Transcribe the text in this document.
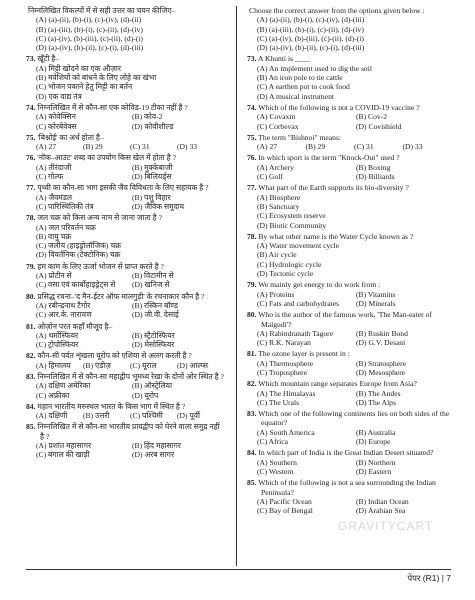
निम्नलिखित विकल्पों में से सही उत्तर का चयन कीजिए–
(A) (a)-(ii), (b)-(i), (c)-(iv), (d)-(ii)
(B) (a)-(iii), (b)-(i), (c)-(ii), (d)-(iv)
(C) (a)-(iv), (b)-(iii), (c)-(ii), (d)-(i)
(D) (a)-(iv), (b)-(ii), (c)-(i), (d)-(iii)
73. खूँटी है–
(A) मिट्टी खोदने का एक औज़ार
(B) मवेशियों को बांधने के लिए लोहे का खंभा
(C) भोजन पकाने हेतु मिट्टी का बर्तन
(D) एक वाद्य तंत्र
74. निम्नलिखित में से कौन-सा एक कोविड-19 टीका नहीं है ?
(A) कोवेक्सिन	(B) कोव-2
(C) कोरबेवेक्स	(D) कोवीशील्ड
75. 'बिश्नोई' का अर्थ होता है–
(A) 27	(B) 29	(C) 31	(D) 33
76. 'नॉक–आउट' शब्द का उपयोग किस खेल में होता है ?
(A) तीरंदाजी	(B) मुक्केबाजी
(C) गोल्फ	(D) बिलियर्ड्स
77. पृथ्वी का कौन-सा भाग इसकी जैव विविधता के लिए सहायक है ?
(A) जैवमंडल	(B) पशु विहार
(C) पारिस्थितिकी तंत्र	(D) जैविक समुदाय
78. जल चक्र को किस अन्य नाम से जाना जाता है ?
(A) जल परिवर्तन चक्र
(B) वायु चक्र
(C) जलीय (हाइड्रोलॉजिक) चक्र
(D) विवर्तनिक (टेक्टोनिक) चक्र
79. हम काम के लिए ऊर्जा भोजन से प्राप्त करते है ?
(A) प्रोटीन से	(B) विटामीन से
(C) वसा एवं कार्बोहाइड्रेट्स से	(D) खनिज से
80. प्रसिद्ध रचना–'द मैन-ईटर ऑफ मालगुड़ी' के रचनाकार कौन है ?
(A) रबीन्द्रनाथ टैगोर	(B) रस्किन बॉण्ड
(C) आर.के. नारायण	(D) जी.वी. देसाई
81. ओज़ोन परत कहाँ मौजूद है–
(A) थर्मोस्फियर	(B) स्ट्रैटोस्फियर
(C) ट्रोपोस्फियर	(D) मेसोस्फियर
82. कौन-सी पर्वत शृंखला यूरोप को एशिया से अलग करती है ?
(A) हिमालय	(B) एंडीज़	(C) यूराल	(D) आल्प्स
83. निम्नलिखित में से कौन-सा महाद्वीप भूमध्य रेखा के दोनों ओर स्थित है ?
(A) दक्षिण अमेरिका	(B) ऑस्ट्रेलिया
(C) अफ्रीका	(D) यूरोप
84. महान भारतीय मरुस्थल भारत के किस भाग में स्थित है ?
(A) दक्षिणी	(B) उत्तरी	(C) पश्चिमी	(D) पूर्वी
85. निम्नलिखित में से कौन-सा भारतीय प्रायद्वीप को घेरने वाला समुद्र नहीं है ?
(A) प्रशांत महासागर	(B) हिंद महासागर
(C) बंगाल की खाड़ी	(D) अरब सागर
Choose the correct answer from the options given below :
(A) (a)-(ii), (b)-(i), (c)-(iv), (d)-(iii)
(B) (a)-(iii), (b)-(i), (c)-(ii), (d)-(iv)
(C) (a)-(iv), (b)-(iii), (c)-(ii), (d)-(i)
(D) (a)-(iv), (b)-(ii), (c)-(i), (d)-(iii)
73. A Khunti is ____
(A) An implement used to dig the soil
(B) An iron pole to tie cattle
(C) A earthen pot to cook food
(D) A musical instrument
74. Which of the following is not a COVID-19 vaccine ?
(A) Covaxin	(B) Cov-2
(C) Corbevax	(D) Covishield
75. The term "Bishnoi" means:
(A) 27	(B) 29	(C) 31	(D) 33
76. In which sport is the term "Knock-Out" used ?
(A) Archery	(B) Boxing
(C) Golf	(D) Billiards
77. What part of the Earth supports its bio-diversity ?
(A) Biosphere
(B) Sanctuary
(C) Ecosystem reserve
(D) Biotic Community
78. By what other name is the Water Cycle known as ?
(A) Water movement cycle
(B) Air cycle
(C) Hydrologic cycle
(D) Tectonic cycle
79. We mainly get energy to do work from :
(A) Proteins	(B) Vitamins
(C) Fats and carbohydrates	(D) Minerals
80. Who is the author of the famous work, 'The Man-eater of Malgudi'?
(A) Rabindranath Tagore	(B) Ruskin Bond
(C) R.K. Narayan	(D) G.V. Desani
81. The ozone layer is present in :
(A) Thermosphere	(B) Stratosphere
(C) Troposphere	(D) Mesosphere
82. Which mountain range separates Europe from Asia?
(A) The Himalayas	(B) The Andes
(C) The Urals	(D) The Alps
83. Which one of the following continents lies on both sides of the equator?
(A) South America	(B) Australia
(C) Africa	(D) Europe
84. In which part of India is the Great Indian Desert situated?
(A) Southern	(B) Northern
(C) Western	(D) Eastern
85. Which of the following is not a sea surrounding the Indian Peninsula?
(A) Pacific Ocean	(B) Indian Ocean
(C) Bay of Bengal	(D) Arabian Sea
GRAVITYCART
पेपर (R1) | 7
